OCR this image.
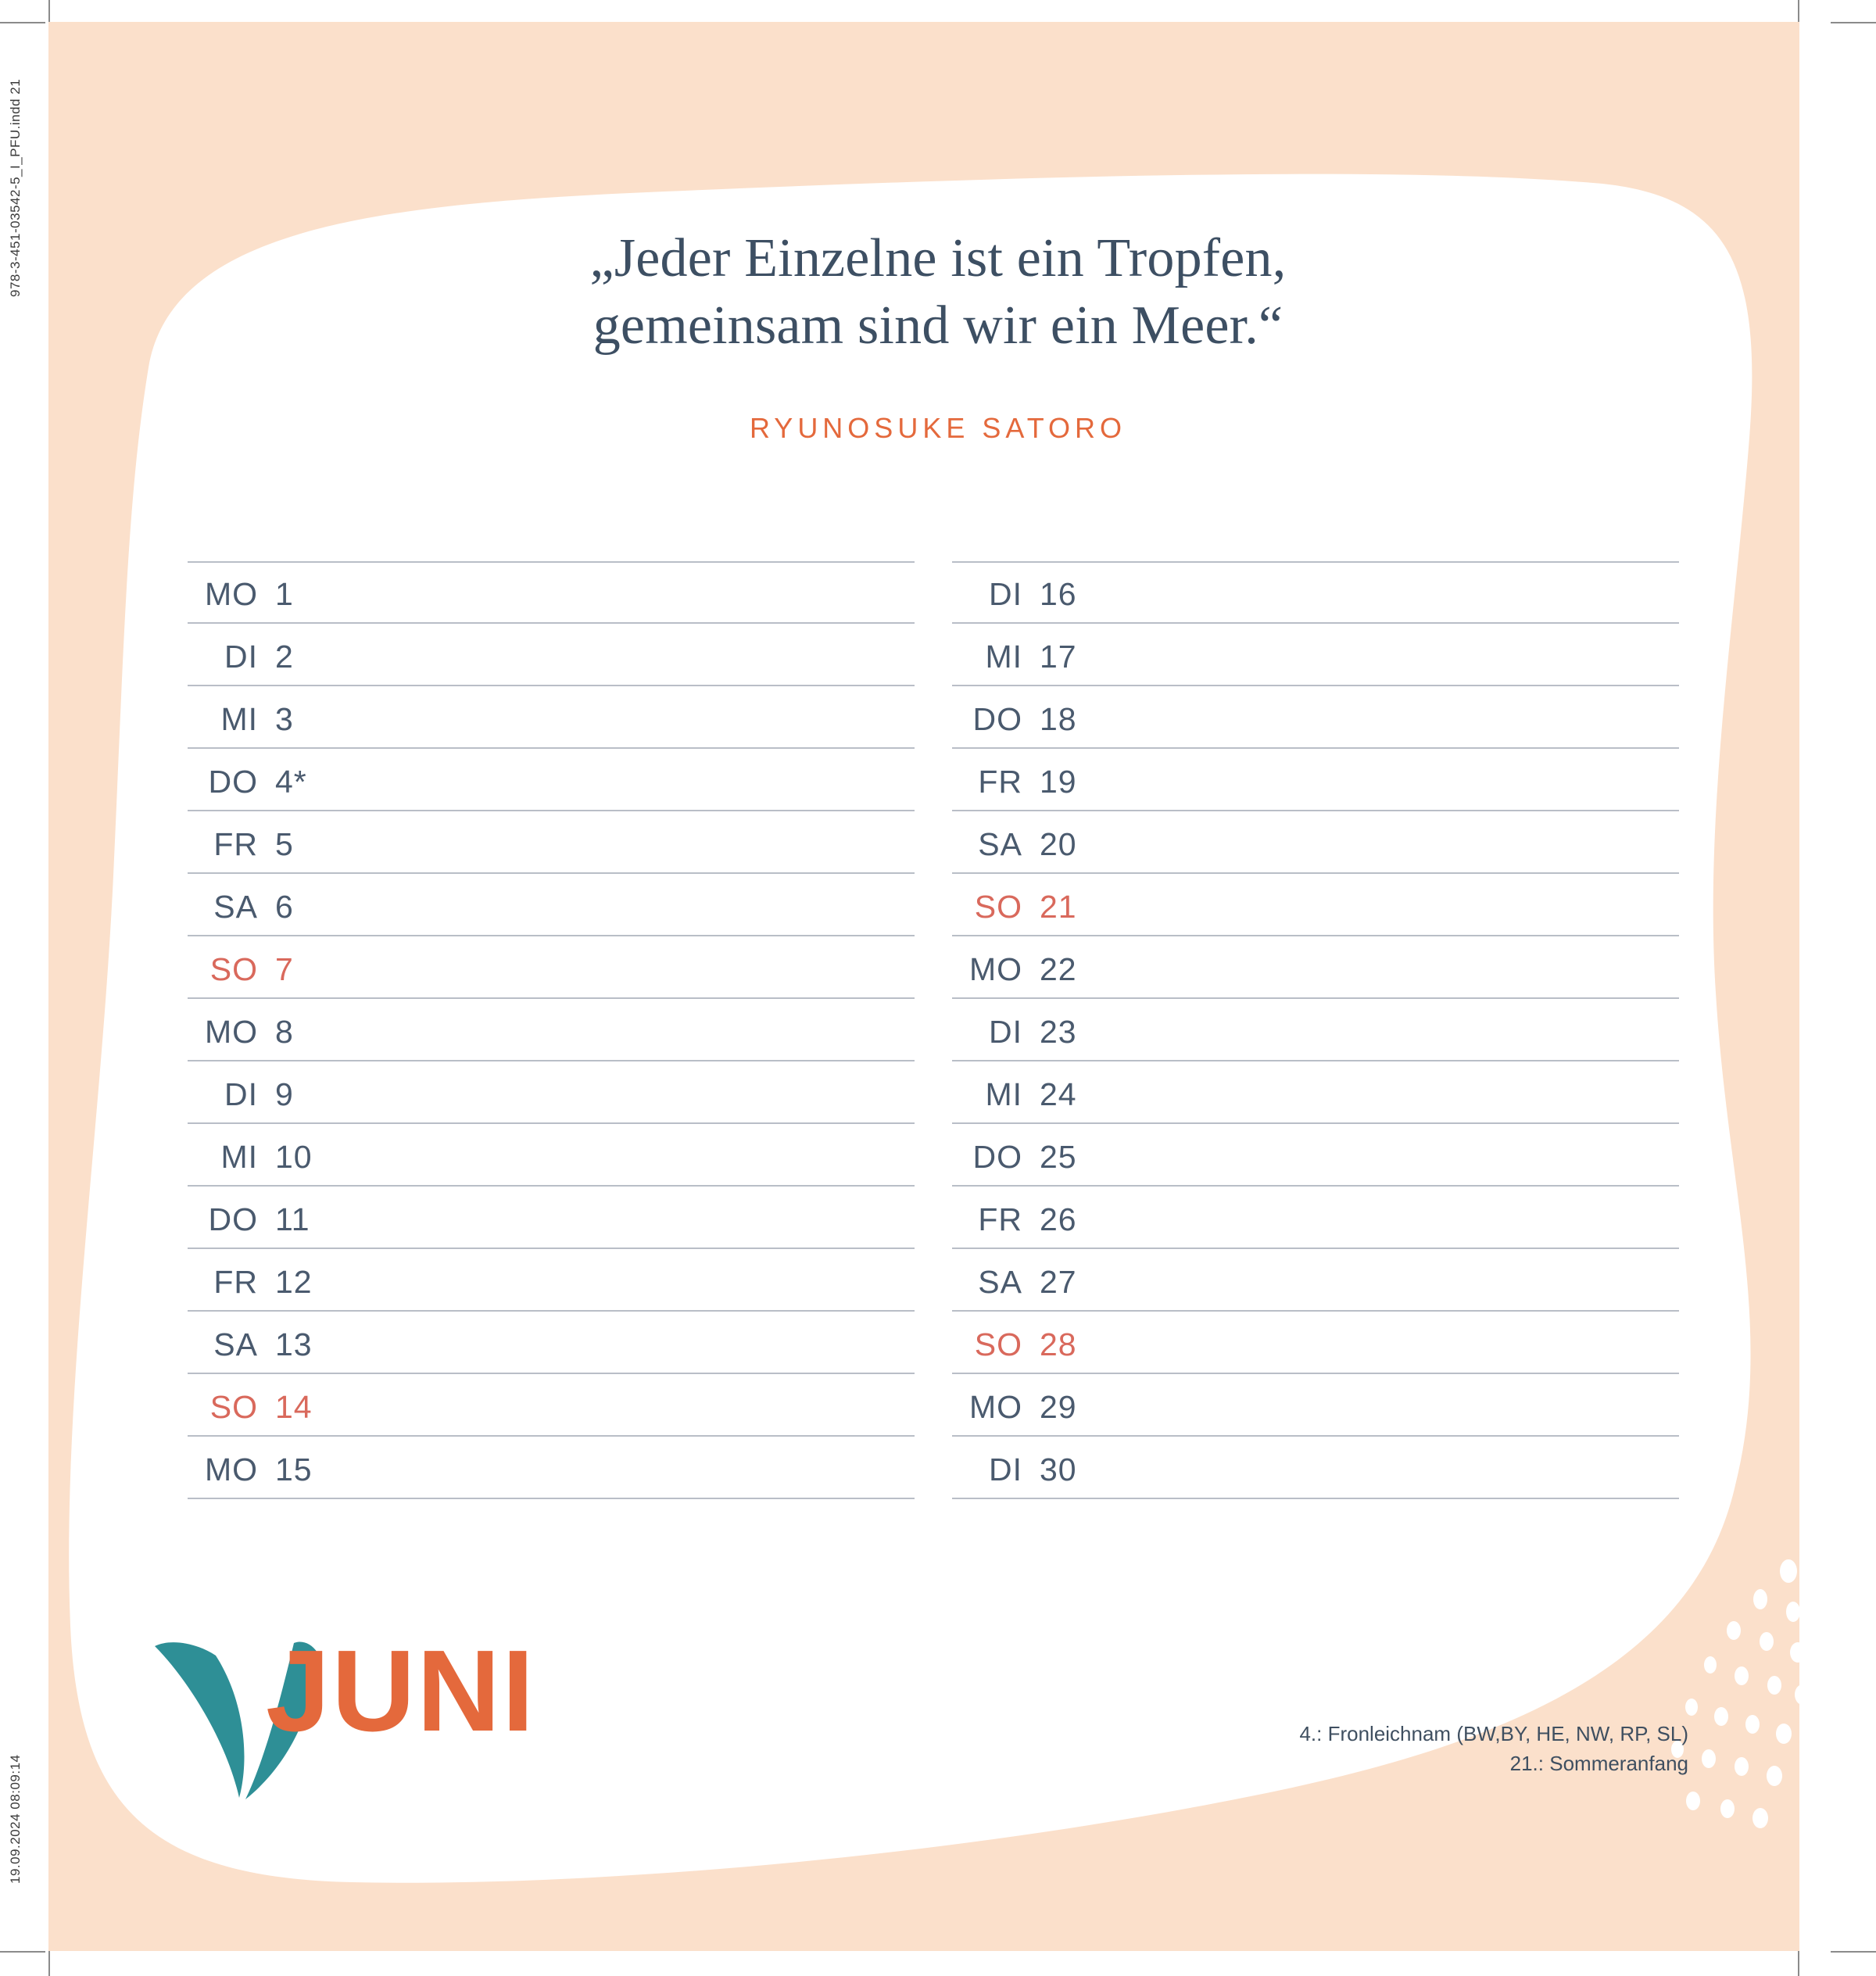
978-3-451-03542-5_I_PFU.indd 21
19.09.2024 08:09:14
„Jeder Einzelne ist ein Tropfen,
gemeinsam sind wir ein Meer.“
RYUNOSUKE SATORO
MO 1
DI 2
MI 3
DO 4*
FR 5
SA 6
SO 7
MO 8
DI 9
MI 10
DO 11
FR 12
SA 13
SO 14
MO 15
DI 16
MI 17
DO 18
FR 19
SA 20
SO 21
MO 22
DI 23
MI 24
DO 25
FR 26
SA 27
SO 28
MO 29
DI 30
JUNI	4.: Fronleichnam (BW,BY, HE, NW, RP, SL)
21.: Sommeranfang
